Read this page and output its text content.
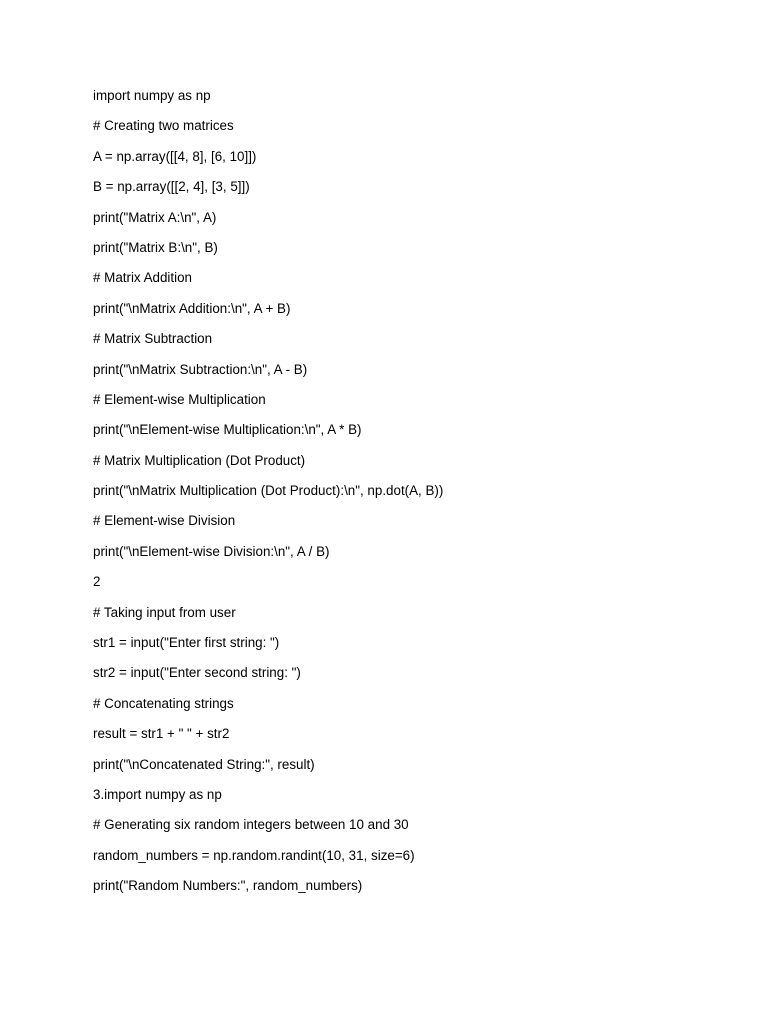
import numpy as np
# Creating two matrices
A = np.array([[4, 8], [6, 10]])
B = np.array([[2, 4], [3, 5]])
print("Matrix A:\n", A)
print("Matrix B:\n", B)
# Matrix Addition
print("\nMatrix Addition:\n", A + B)
# Matrix Subtraction
print("\nMatrix Subtraction:\n", A - B)
# Element-wise Multiplication
print("\nElement-wise Multiplication:\n", A * B)
# Matrix Multiplication (Dot Product)
print("\nMatrix Multiplication (Dot Product):\n", np.dot(A, B))
# Element-wise Division
print("\nElement-wise Division:\n", A / B)
2
# Taking input from user
str1 = input("Enter first string: ")
str2 = input("Enter second string: ")
# Concatenating strings
result = str1 + " " + str2
print("\nConcatenated String:", result)
3.import numpy as np
# Generating six random integers between 10 and 30
random_numbers = np.random.randint(10, 31, size=6)
print("Random Numbers:", random_numbers)
